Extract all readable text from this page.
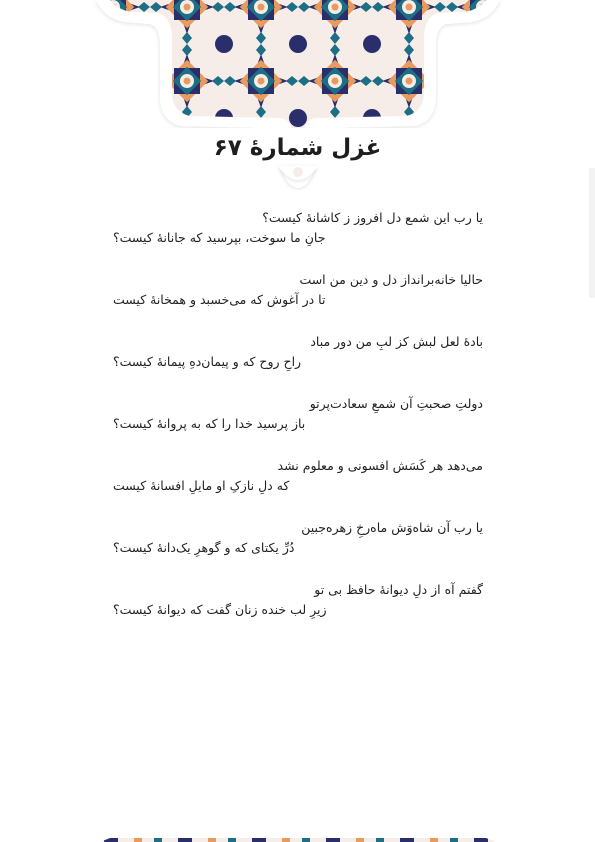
غزل شمارهٔ ۶۷
یا رب این شمع دل افروز ز کاشانهٔ کیست؟
جانِ ما سوخت، بپرسید که جانانهٔ کیست؟
حالیا خانه‌برانداز دل و دین من است
تا در آغوش که می‌خسبد و همخانهٔ کیست
بادهٔ لعل لبش کز لبِ من دور مباد
راحِ روح که و پیمان‌دهِ پیمانهٔ کیست؟
دولتِ صحبتِ آن شمعِ سعادت‌پرتو
باز پرسید خدا را که به پروانهٔ کیست؟
می‌دهد هر کَسَش افسونی و معلوم نشد
که دلِ نازکِ او مایلِ افسانهٔ کیست
یا رب آن شاه‌وَش ماه‌رخِ زهره‌جبین
دُرِّ یکتای که و گوهرِ یک‌دانهٔ کیست؟
گفتم آه از دلِ دیوانهٔ حافظ بی تو
زیرِ لب خنده زنان گفت که دیوانهٔ کیست؟
